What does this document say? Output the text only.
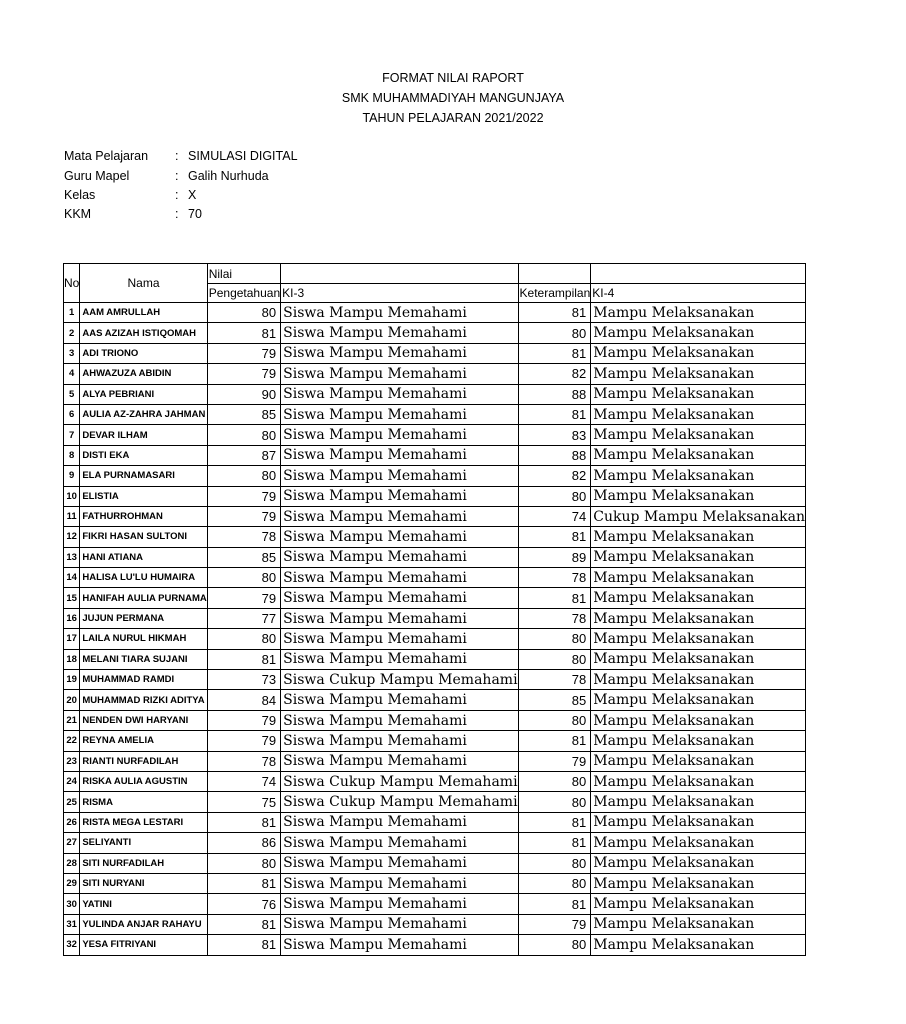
FORMAT NILAI RAPORT
SMK MUHAMMADIYAH MANGUNJAYA
TAHUN PELAJARAN 2021/2022
Mata Pelajaran : SIMULASI DIGITAL
Guru Mapel	: Galih Nurhuda
Kelas	: X
KKM	: 70
No	Nama	Nilai			
		Pengetahuan	KI-3	Keterampilan	KI-4
1	AAM AMRULLAH	80	Siswa Mampu Memahami	81	Mampu Melaksanakan
2	AAS AZIZAH ISTIQOMAH	81	Siswa Mampu Memahami	80	Mampu Melaksanakan
3	ADI TRIONO	79	Siswa Mampu Memahami	81	Mampu Melaksanakan
4	AHWAZUZA ABIDIN	79	Siswa Mampu Memahami	82	Mampu Melaksanakan
5	ALYA PEBRIANI	90	Siswa Mampu Memahami	88	Mampu Melaksanakan
6	AULIA AZ-ZAHRA JAHMAN	85	Siswa Mampu Memahami	81	Mampu Melaksanakan
7	DEVAR ILHAM	80	Siswa Mampu Memahami	83	Mampu Melaksanakan
8	DISTI EKA	87	Siswa Mampu Memahami	88	Mampu Melaksanakan
9	ELA PURNAMASARI	80	Siswa Mampu Memahami	82	Mampu Melaksanakan
10	ELISTIA	79	Siswa Mampu Memahami	80	Mampu Melaksanakan
11	FATHURROHMAN	79	Siswa Mampu Memahami	74	Cukup Mampu Melaksanakan
12	FIKRI HASAN SULTONI	78	Siswa Mampu Memahami	81	Mampu Melaksanakan
13	HANI ATIANA	85	Siswa Mampu Memahami	89	Mampu Melaksanakan
14	HALISA LU'LU HUMAIRA	80	Siswa Mampu Memahami	78	Mampu Melaksanakan
15	HANIFAH AULIA PURNAMA	79	Siswa Mampu Memahami	81	Mampu Melaksanakan
16	JUJUN PERMANA	77	Siswa Mampu Memahami	78	Mampu Melaksanakan
17	LAILA NURUL HIKMAH	80	Siswa Mampu Memahami	80	Mampu Melaksanakan
18	MELANI TIARA SUJANI	81	Siswa Mampu Memahami	80	Mampu Melaksanakan
19	MUHAMMAD RAMDI	73	Siswa Cukup Mampu Memahami	78	Mampu Melaksanakan
20	MUHAMMAD RIZKI ADITYA	84	Siswa Mampu Memahami	85	Mampu Melaksanakan
21	NENDEN DWI HARYANI	79	Siswa Mampu Memahami	80	Mampu Melaksanakan
22	REYNA AMELIA	79	Siswa Mampu Memahami	81	Mampu Melaksanakan
23	RIANTI NURFADILAH	78	Siswa Mampu Memahami	79	Mampu Melaksanakan
24	RISKA AULIA AGUSTIN	74	Siswa Cukup Mampu Memahami	80	Mampu Melaksanakan
25	RISMA	75	Siswa Cukup Mampu Memahami	80	Mampu Melaksanakan
26	RISTA MEGA LESTARI	81	Siswa Mampu Memahami	81	Mampu Melaksanakan
27	SELIYANTI	86	Siswa Mampu Memahami	81	Mampu Melaksanakan
28	SITI NURFADILAH	80	Siswa Mampu Memahami	80	Mampu Melaksanakan
29	SITI NURYANI	81	Siswa Mampu Memahami	80	Mampu Melaksanakan
30	YATINI	76	Siswa Mampu Memahami	81	Mampu Melaksanakan
31	YULINDA ANJAR RAHAYU	81	Siswa Mampu Memahami	79	Mampu Melaksanakan
32	YESA FITRIYANI	81	Siswa Mampu Memahami	80	Mampu Melaksanakan
